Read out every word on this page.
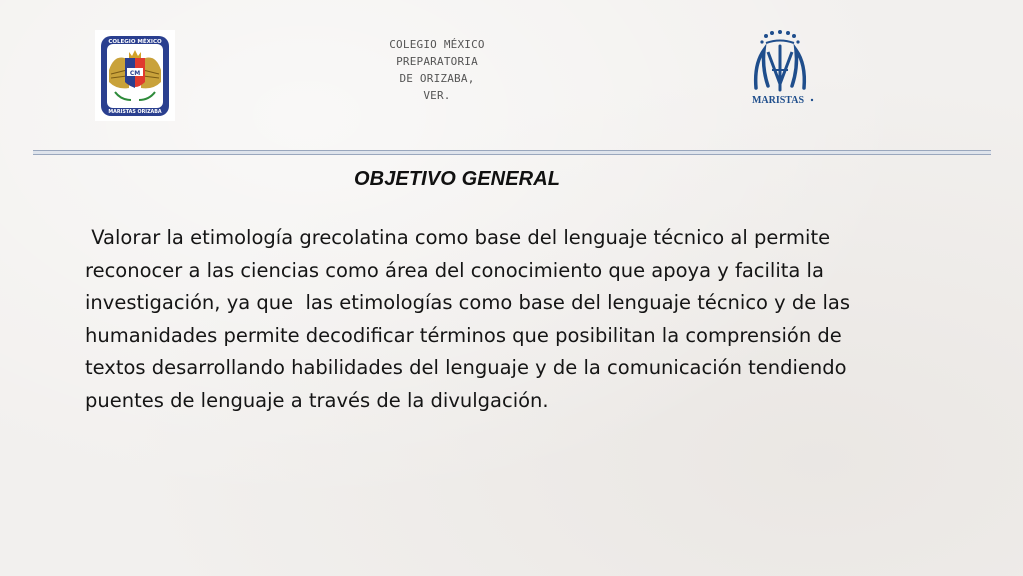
CM
COLEGIO MÉXICO
MARISTAS ORIZABA
COLEGIO MÉXICO
PREPARATORIA
DE ORIZABA,
VER.	MARISTAS
OBJETIVO GENERAL
Valorar la etimología grecolatina como base del lenguaje técnico al permite
reconocer a las ciencias como área del conocimiento que apoya y facilita la
investigación, ya que  las etimologías como base del lenguaje técnico y de las
humanidades permite decodificar términos que posibilitan la comprensión de
textos desarrollando habilidades del lenguaje y de la comunicación tendiendo
puentes de lenguaje a través de la divulgación.
